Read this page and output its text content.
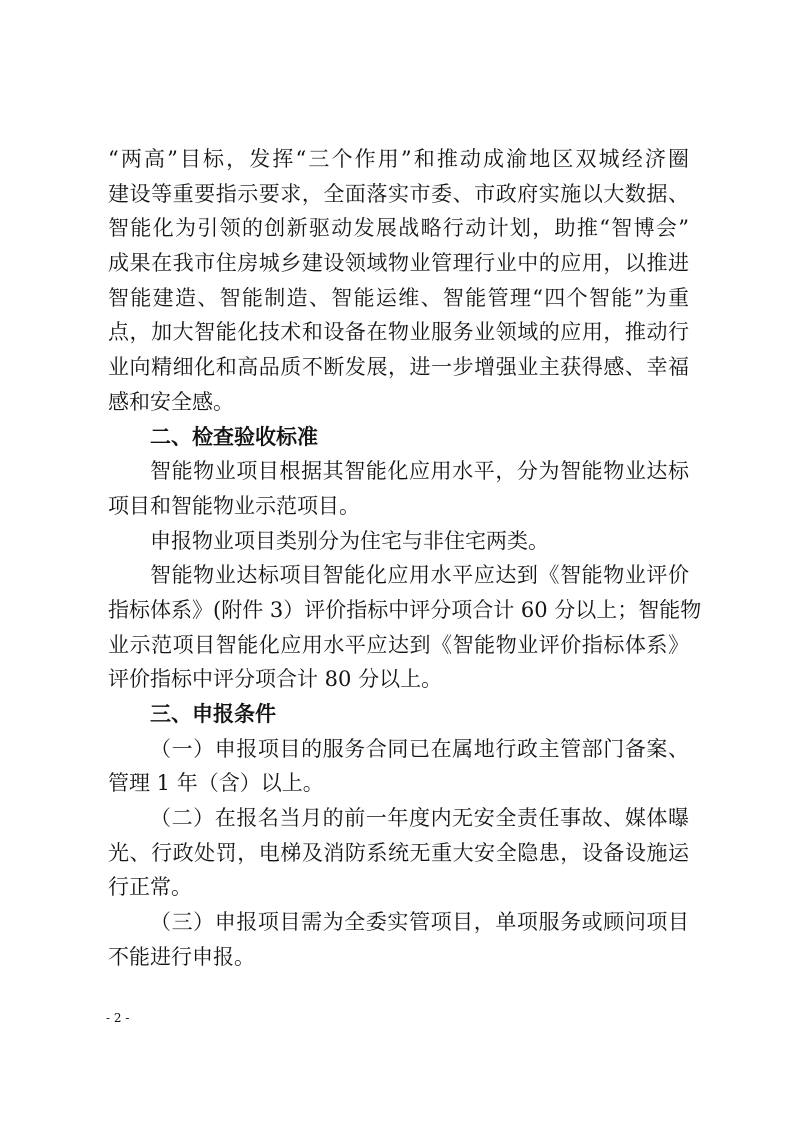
“两高”目标，发挥“三个作用”和推动成渝地区双城经济圈
建设等重要指示要求，全面落实市委、市政府实施以大数据、
智能化为引领的创新驱动发展战略行动计划，助推“智博会”
成果在我市住房城乡建设领域物业管理行业中的应用，以推进
智能建造、智能制造、智能运维、智能管理“四个智能”为重
点，加大智能化技术和设备在物业服务业领域的应用，推动行
业向精细化和高品质不断发展，进一步增强业主获得感、幸福
感和安全感。
二、检查验收标准
智能物业项目根据其智能化应用水平，分为智能物业达标
项目和智能物业示范项目。
申报物业项目类别分为住宅与非住宅两类。
智能物业达标项目智能化应用水平应达到《智能物业评价
指标体系》(附件 3）评价指标中评分项合计 60 分以上；智能物
业示范项目智能化应用水平应达到《智能物业评价指标体系》
评价指标中评分项合计 80 分以上。
三、申报条件
（一）申报项目的服务合同已在属地行政主管部门备案、
管理 1 年（含）以上。
（二）在报名当月的前一年度内无安全责任事故、媒体曝
光、行政处罚，电梯及消防系统无重大安全隐患，设备设施运
行正常。
（三）申报项目需为全委实管项目，单项服务或顾问项目
不能进行申报。
- 2 -
